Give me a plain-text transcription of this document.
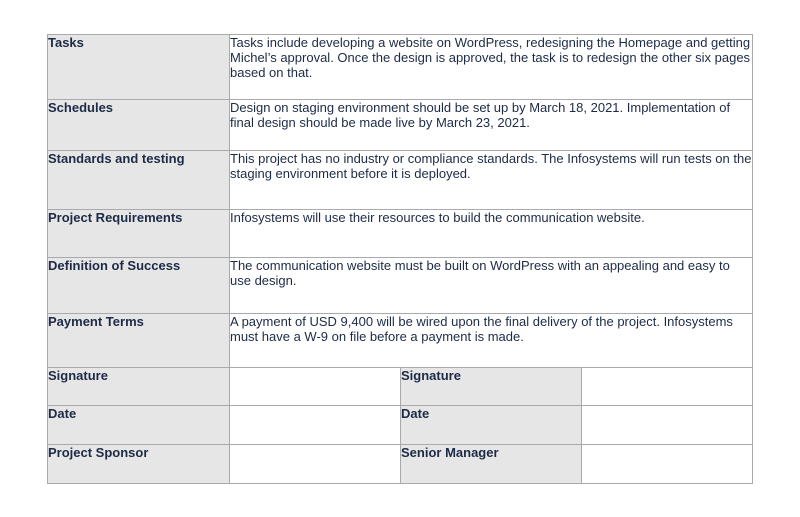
Tasks	Tasks include developing a website on WordPress, redesigning the Homepage and getting Michel’s approval. Once the design is approved, the task is to redesign the other six pages based on that.		
Schedules	Design on staging environment should be set up by March 18, 2021. Implementation of final design should be made live by March 23, 2021.		
Standards and testing	This project has no industry or compliance standards. The Infosystems will run tests on the staging environment before it is deployed.		
Project Requirements	Infosystems will use their resources to build the communication website.		
Definition of Success	The communication website must be built on WordPress with an appealing and easy to use design.		
Payment Terms	A payment of USD 9,400 will be wired upon the final delivery of the project. Infosystems must have a W-9 on file before a payment is made.		
Signature		Signature	
Date		Date	
Project Sponsor		Senior Manager	
